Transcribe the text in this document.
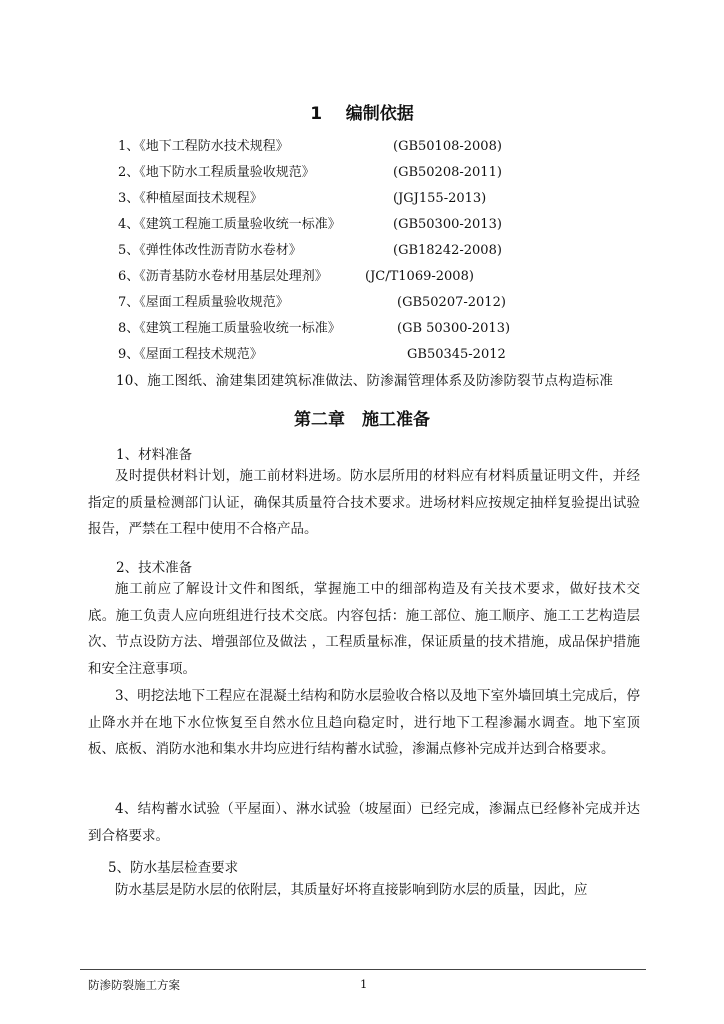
1 编制依据
1、《地下工程防水技术规程》	(GB50108-2008)
2、《地下防水工程质量验收规范》	(GB50208-2011)
3、《种植屋面技术规程》	(JGJ155-2013)
4、《建筑工程施工质量验收统一标准》	(GB50300-2013)
5、《弹性体改性沥青防水卷材》	(GB18242-2008)
6、《沥青基防水卷材用基层处理剂》	(JC/T1069-2008)
7、《屋面工程质量验收规范》	(GB50207-2012)
8、《建筑工程施工质量验收统一标准》	(GB 50300-2013)
9、《屋面工程技术规范》	GB50345-2012
10、施工图纸、渝建集团建筑标准做法、防渗漏管理体系及防渗防裂节点构造标准
第二章　施工准备
1、材料准备

及时提供材料计划，施工前材料进场。防水层所用的材料应有材料质量证明文件，并经指定的质量检测部门认证，确保其质量符合技术要求。进场材料应按规定抽样复验提出试验报告，严禁在工程中使用不合格产品。

2、技术准备

施工前应了解设计文件和图纸，掌握施工中的细部构造及有关技术要求，做好技术交底。施工负责人应向班组进行技术交底。内容包括：施工部位、施工顺序、施工工艺构造层次、节点设防方法、增强部位及做法 ，工程质量标准，保证质量的技术措施，成品保护措施和安全注意事项。

3、明挖法地下工程应在混凝土结构和防水层验收合格以及地下室外墙回填土完成后，停止降水并在地下水位恢复至自然水位且趋向稳定时，进行地下工程渗漏水调查。地下室顶板、底板、消防水池和集水井均应进行结构蓄水试验，渗漏点修补完成并达到合格要求。

4、结构蓄水试验（平屋面）、淋水试验（坡屋面）已经完成，渗漏点已经修补完成并达到合格要求。

5、防水基层检查要求

防水基层是防水层的依附层，其质量好坏将直接影响到防水层的质量，因此，应

防渗防裂施工方案	1
